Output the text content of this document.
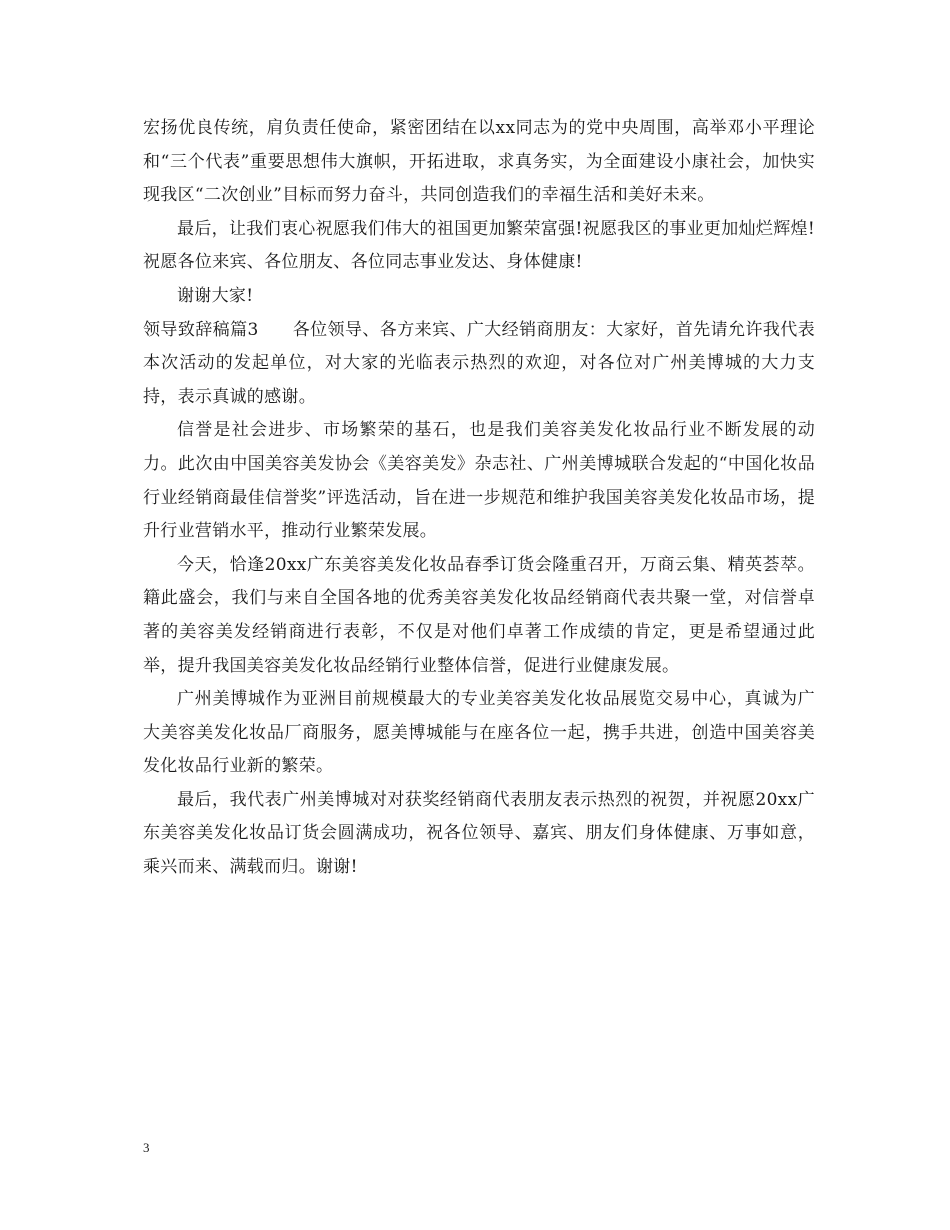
宏扬优良传统，肩负责任使命，紧密团结在以xx同志为的党中央周围，高举邓小平理论和“三个代表”重要思想伟大旗帜，开拓进取，求真务实，为全面建设小康社会，加快实现我区“二次创业”目标而努力奋斗，共同创造我们的幸福生活和美好未来。

最后，让我们衷心祝愿我们伟大的祖国更加繁荣富强!祝愿我区的事业更加灿烂辉煌!祝愿各位来宾、各位朋友、各位同志事业发达、身体健康!

谢谢大家!

领导致辞稿篇3 各位领导、各方来宾、广大经销商朋友：大家好，首先请允许我代表本次活动的发起单位，对大家的光临表示热烈的欢迎，对各位对广州美博城的大力支持，表示真诚的感谢。

信誉是社会进步、市场繁荣的基石，也是我们美容美发化妆品行业不断发展的动力。此次由中国美容美发协会《美容美发》杂志社、广州美博城联合发起的“中国化妆品行业经销商最佳信誉奖”评选活动，旨在进一步规范和维护我国美容美发化妆品市场，提升行业营销水平，推动行业繁荣发展。

今天，恰逢20xx广东美容美发化妆品春季订货会隆重召开，万商云集、精英荟萃。籍此盛会，我们与来自全国各地的优秀美容美发化妆品经销商代表共聚一堂，对信誉卓著的美容美发经销商进行表彰，不仅是对他们卓著工作成绩的肯定，更是希望通过此举，提升我国美容美发化妆品经销行业整体信誉，促进行业健康发展。

广州美博城作为亚洲目前规模最大的专业美容美发化妆品展览交易中心，真诚为广大美容美发化妆品厂商服务，愿美博城能与在座各位一起，携手共进，创造中国美容美发化妆品行业新的繁荣。

最后，我代表广州美博城对对获奖经销商代表朋友表示热烈的祝贺，并祝愿20xx广东美容美发化妆品订货会圆满成功，祝各位领导、嘉宾、朋友们身体健康、万事如意，乘兴而来、满载而归。谢谢!

3
